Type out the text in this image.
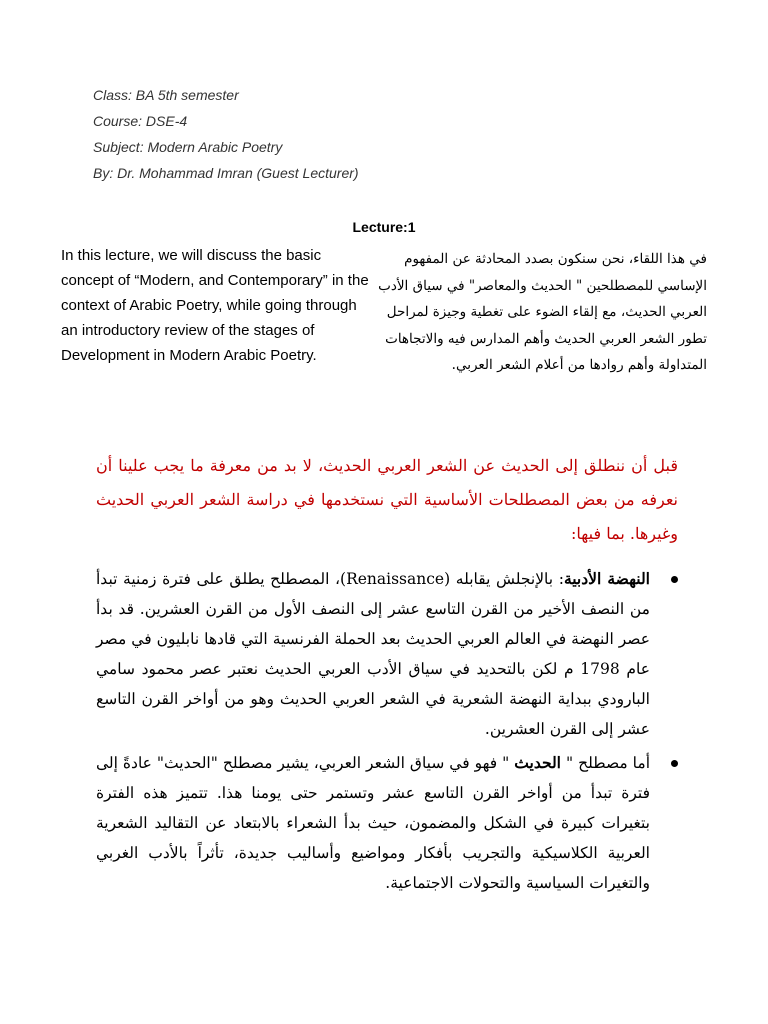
Class: BA 5th semester
Course: DSE-4
Subject: Modern Arabic Poetry
By: Dr. Mohammad Imran (Guest Lecturer)
Lecture:1
In this lecture, we will discuss the basic concept of “Modern, and Contemporary” in the context of Arabic Poetry, while going through an introductory review of the stages of Development in Modern Arabic Poetry.
في هذا اللقاء، نحن سنكون بصدد المحادثة عن المفهوم الإساسي للمصطلحين " الحديث والمعاصر" في سياق الأدب العربي الحديث، مع إلقاء الضوء على تغطية وجيزة لمراحل تطور الشعر العربي الحديث وأهم المدارس فيه والاتجاهات المتداولة وأهم روادها من أعلام الشعر العربي.
قبل أن ننطلق إلى الحديث عن الشعر العربي الحديث، لا بد من معرفة ما يجب علينا أن نعرفه من بعض المصطلحات الأساسية التي نستخدمها في دراسة الشعر العربي الحديث وغيرها. بما فيها:
النهضة الأدبية: بالإنجلش يقابله (Renaissance)، المصطلح يطلق على فترة زمنية تبدأ من النصف الأخير من القرن التاسع عشر إلى النصف الأول من القرن العشرين. قد بدأ عصر النهضة في العالم العربي الحديث بعد الحملة الفرنسية التي قادها نابليون في مصر عام 1798 م لكن بالتحديد في سياق الأدب العربي الحديث نعتبر عصر محمود سامي البارودي ببداية النهضة الشعرية في الشعر العربي الحديث وهو من أواخر القرن التاسع عشر إلى القرن العشرين.
أما مصطلح " الحديث " فهو في سياق الشعر العربي، يشير مصطلح "الحديث" عادةً إلى فترة تبدأ من أواخر القرن التاسع عشر وتستمر حتى يومنا هذا. تتميز هذه الفترة بتغيرات كبيرة في الشكل والمضمون، حيث بدأ الشعراء بالابتعاد عن التقاليد الشعرية العربية الكلاسيكية والتجريب بأفكار ومواضيع وأساليب جديدة، تأثراً بالأدب الغربي والتغيرات السياسية والتحولات الاجتماعية.
